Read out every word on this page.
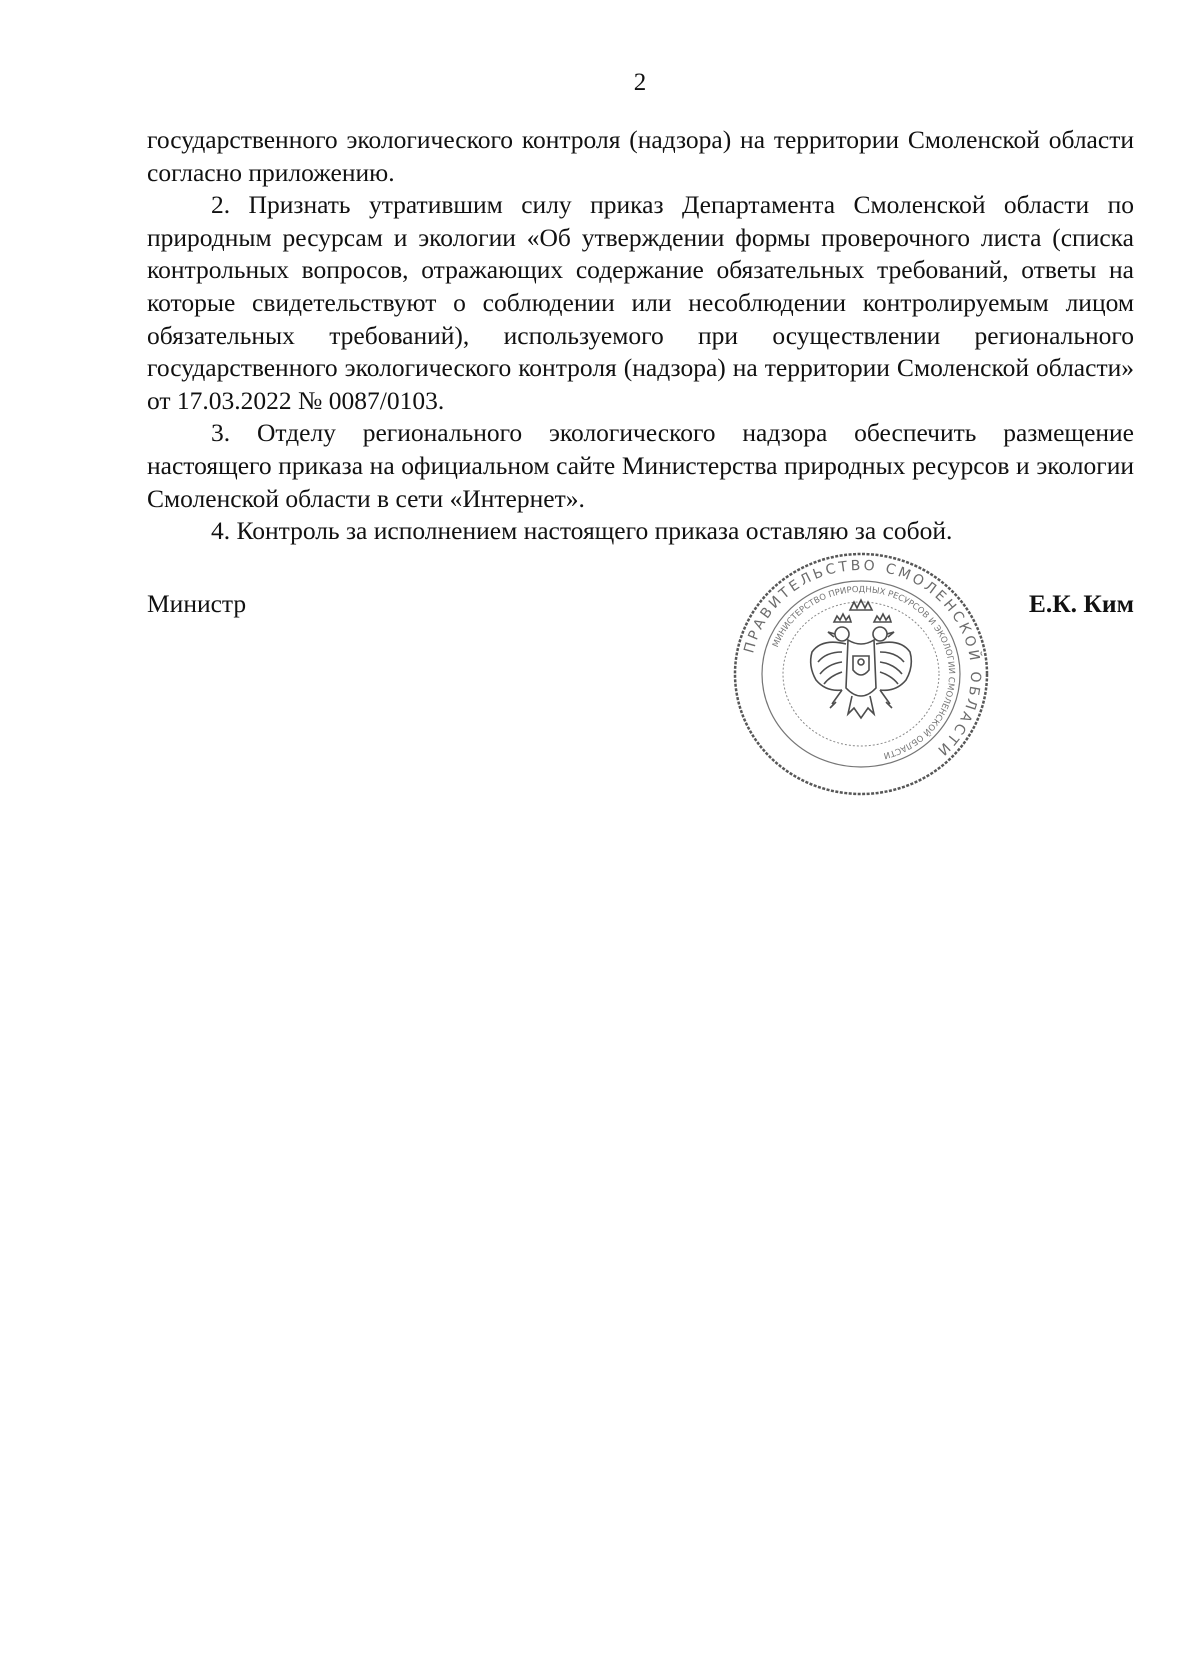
2

государственного экологического контроля (надзора) на территории Смоленской области согласно приложению.

2. Признать утратившим силу приказ Департамента Смоленской области по природным ресурсам и экологии «Об утверждении формы проверочного листа (списка контрольных вопросов, отражающих содержание обязательных требований, ответы на которые свидетельствуют о соблюдении или несоблюдении контролируемым лицом обязательных требований), используемого при осуществлении регионального государственного экологического контроля (надзора) на территории Смоленской области» от 17.03.2022 № 0087/0103.

3. Отделу регионального экологического надзора обеспечить размещение настоящего приказа на официальном сайте Министерства природных ресурсов и экологии Смоленской области в сети «Интернет».

4. Контроль за исполнением настоящего приказа оставляю за собой.

Министр	Е.К. Ким
ПРАВИТЕЛЬСТВО СМОЛЕНСКОЙ ОБЛАСТИ
МИНИСТЕРСТВО ПРИРОДНЫХ РЕСУРСОВ И ЭКОЛОГИИ СМОЛЕНСКОЙ ОБЛАСТИ
